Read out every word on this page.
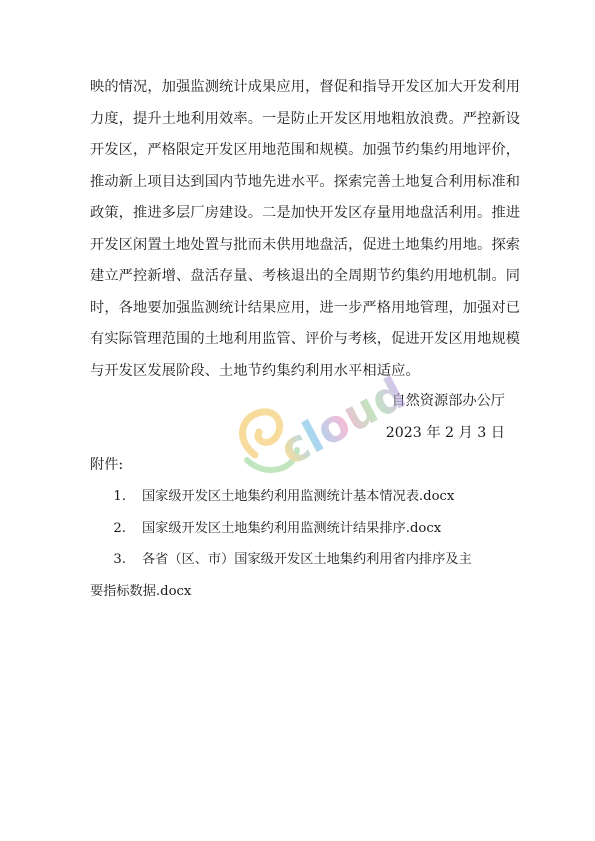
映的情况，加强监测统计成果应用，督促和指导开发区加大开发利用
力度，提升土地利用效率。一是防止开发区用地粗放浪费。严控新设
开发区，严格限定开发区用地范围和规模。加强节约集约用地评价，
推动新上项目达到国内节地先进水平。探索完善土地复合利用标准和
政策，推进多层厂房建设。二是加快开发区存量用地盘活利用。推进
开发区闲置土地处置与批而未供用地盘活，促进土地集约用地。探索
建立严控新增、盘活存量、考核退出的全周期节约集约用地机制。同
时，各地要加强监测统计结果应用，进一步严格用地管理，加强对已
有实际管理范围的土地利用监管、评价与考核，促进开发区用地规模
与开发区发展阶段、土地节约集约利用水平相适应。
自然资源部办公厅
2023 年 2 月 3 日
附件:
1. 国家级开发区土地集约利用监测统计基本情况表.docx
2. 国家级开发区土地集约利用监测统计结果排序.docx
3. 各省（区、市）国家级开发区土地集约利用省内排序及主
要指标数据.docx
cloud
